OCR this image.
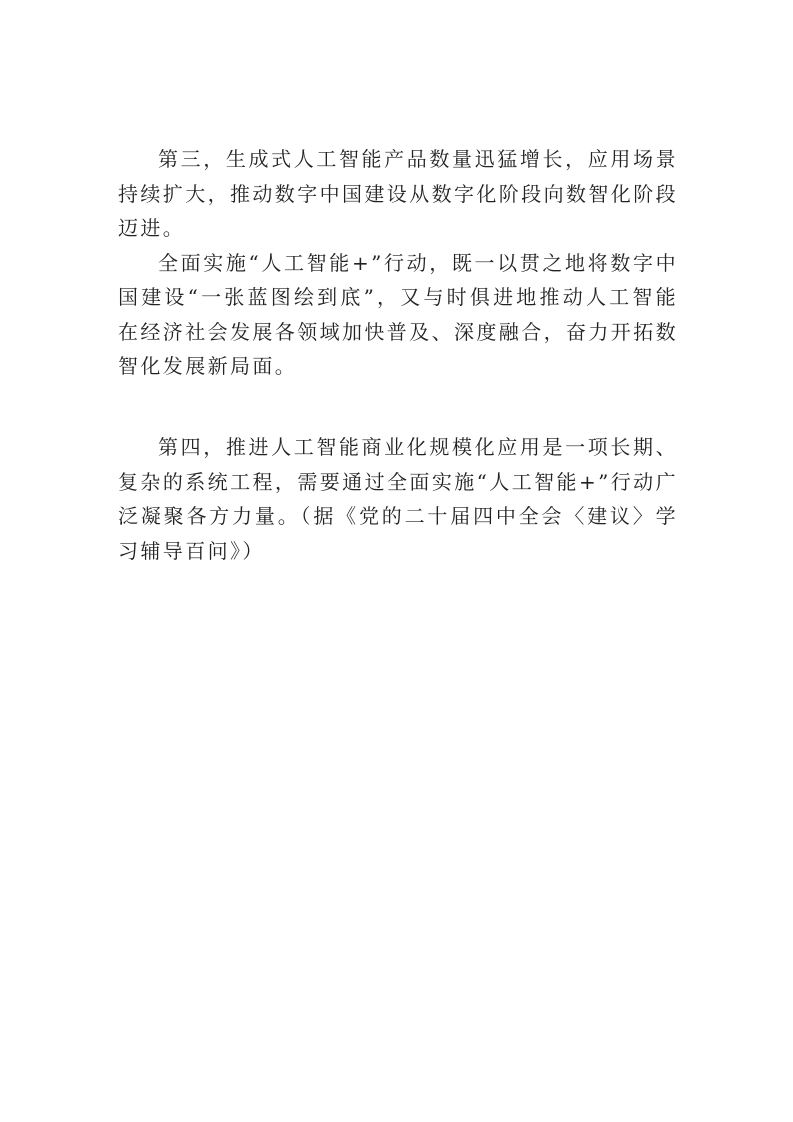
第三，生成式人工智能产品数量迅猛增长，应用场景持续扩大，推动数字中国建设从数字化阶段向数智化阶段迈进。

全面实施“人工智能+”行动，既一以贯之地将数字中国建设“一张蓝图绘到底”，又与时俱进地推动人工智能在经济社会发展各领域加快普及、深度融合，奋力开拓数智化发展新局面。

第四，推进人工智能商业化规模化应用是一项长期、复杂的系统工程，需要通过全面实施“人工智能+”行动广泛凝聚各方力量。（据《党的二十届四中全会〈建议〉学习辅导百问》）
